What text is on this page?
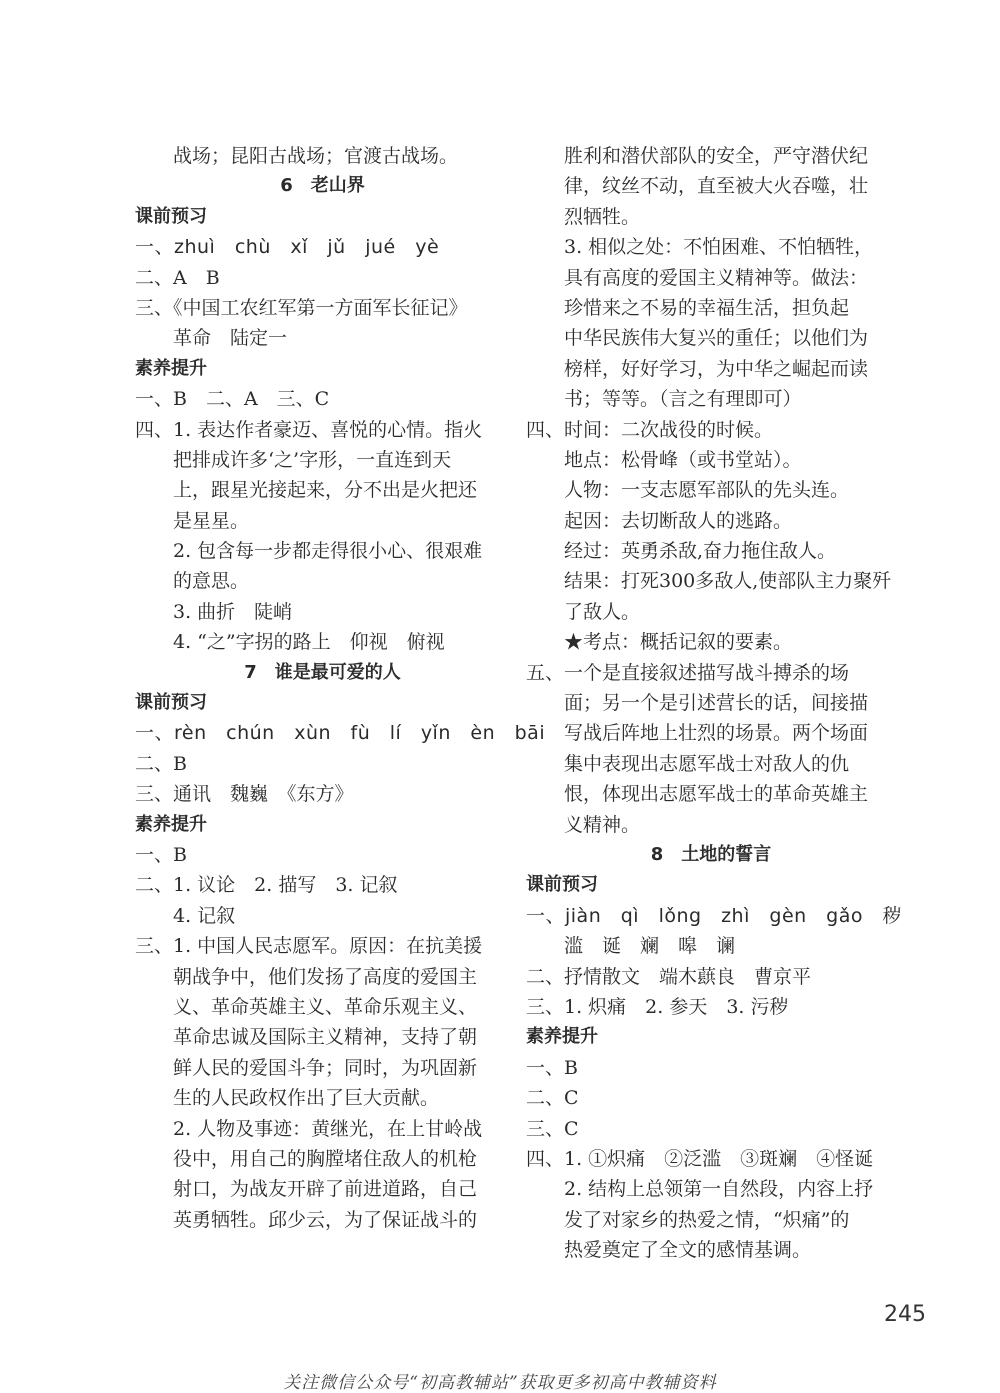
战场；昆阳古战场；官渡古战场。
6　老山界
课前预习
一、zhuì　chù　xǐ　jǔ　jué　yè
二、A　B
三、《中国工农红军第一方面军长征记》
革命　陆定一
素养提升
一、B　二、A　三、C
四、1. 表达作者豪迈、喜悦的心情。指火
把排成许多‘之’字形，一直连到天
上，跟星光接起来，分不出是火把还
是星星。
2. 包含每一步都走得很小心、很艰难
的意思。
3. 曲折　陡峭
4. “之”字拐的路上　仰视　俯视
7　谁是最可爱的人
课前预习
一、rèn　chún　xùn　fù　lí　yǐn　èn　bāi
二、B
三、通讯　魏巍　《东方》
素养提升
一、B
二、1. 议论　2. 描写　3. 记叙
4. 记叙
三、1. 中国人民志愿军。原因：在抗美援
朝战争中，他们发扬了高度的爱国主
义、革命英雄主义、革命乐观主义、
革命忠诚及国际主义精神，支持了朝
鲜人民的爱国斗争；同时，为巩固新
生的人民政权作出了巨大贡献。
2. 人物及事迹：黄继光，在上甘岭战
役中，用自己的胸膛堵住敌人的机枪
射口，为战友开辟了前进道路，自己
英勇牺牲。邱少云，为了保证战斗的
胜利和潜伏部队的安全，严守潜伏纪
律，纹丝不动，直至被大火吞噬，壮
烈牺牲。
3. 相似之处：不怕困难、不怕牺牲，
具有高度的爱国主义精神等。做法：
珍惜来之不易的幸福生活，担负起
中华民族伟大复兴的重任；以他们为
榜样，好好学习，为中华之崛起而读
书；等等。（言之有理即可）
四、时间：二次战役的时候。
地点：松骨峰（或书堂站）。
人物：一支志愿军部队的先头连。
起因：去切断敌人的逃路。
经过：英勇杀敌,奋力拖住敌人。
结果：打死300多敌人,使部队主力聚歼
了敌人。
★考点：概括记叙的要素。
五、一个是直接叙述描写战斗搏杀的场
面；另一个是引述营长的话，间接描
写战后阵地上壮烈的场景。两个场面
集中表现出志愿军战士对敌人的仇
恨，体现出志愿军战士的革命英雄主
义精神。
8　土地的誓言
课前预习
一、jiàn　qì　lǒng　zhì　gèn　gǎo　秽
滥　诞　斓　嗥　谰
二、抒情散文　端木蕻良　曹京平
三、1. 炽痛　2. 参天　3. 污秽
素养提升
一、B
二、C
三、C
四、1. ①炽痛　②泛滥　③斑斓　④怪诞
2. 结构上总领第一自然段，内容上抒
发了对家乡的热爱之情，“炽痛”的
热爱奠定了全文的感情基调。
245
关注微信公众号“初高教辅站”获取更多初高中教辅资料
